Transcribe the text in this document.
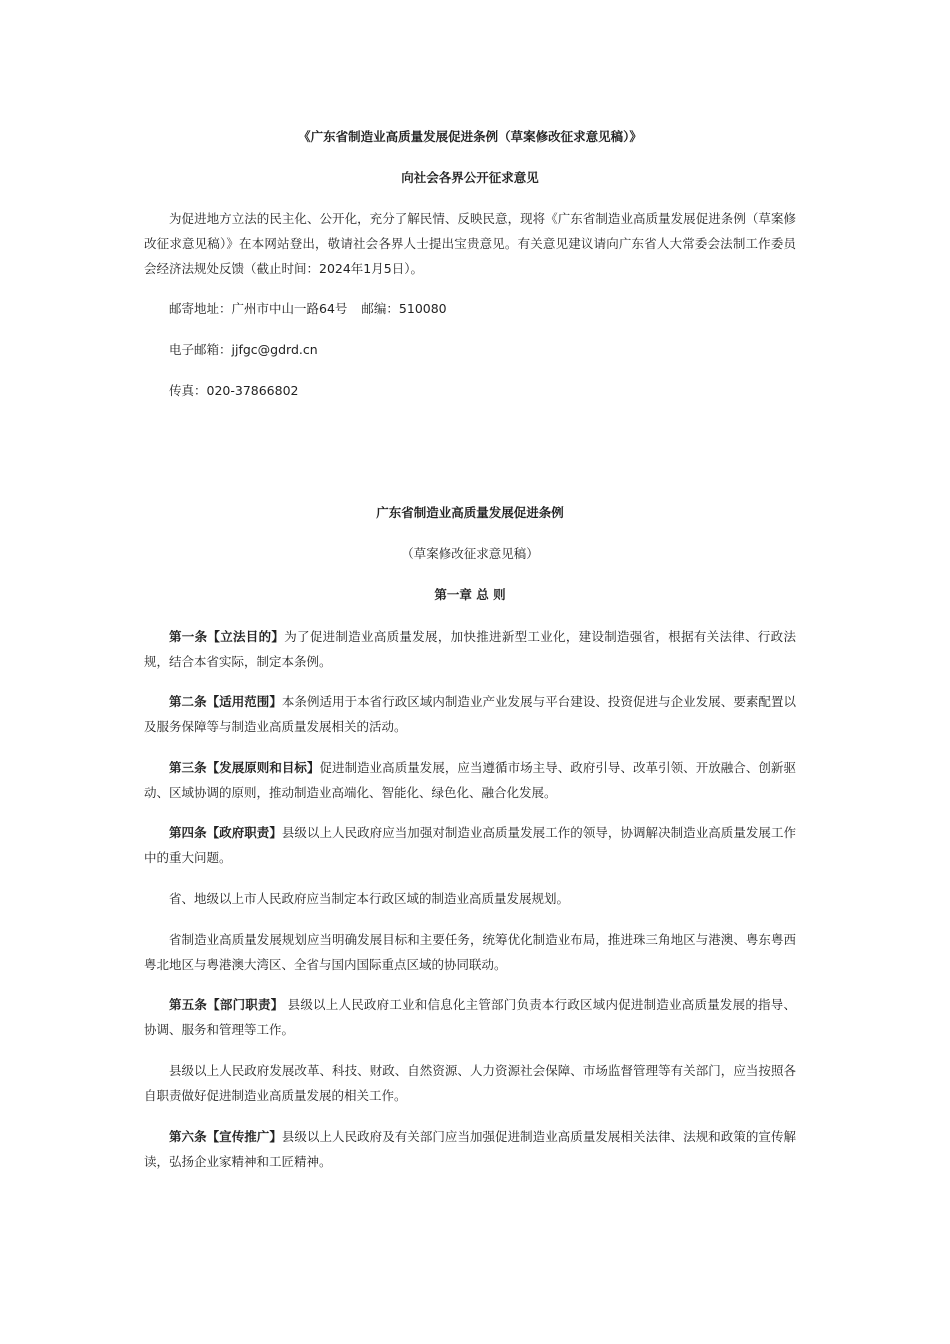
《广东省制造业高质量发展促进条例（草案修改征求意见稿）》
向社会各界公开征求意见

为促进地方立法的民主化、公开化，充分了解民情、反映民意，现将《广东省制造业高质量发展促进条例（草案修改征求意见稿）》在本网站登出，敬请社会各界人士提出宝贵意见。有关意见建议请向广东省人大常委会法制工作委员会经济法规处反馈（截止时间：2024年1月5日）。

邮寄地址：广州市中山一路64号 邮编：510080
电子邮箱：jjfgc@gdrd.cn
传真：020-37866802
广东省制造业高质量发展促进条例
（草案修改征求意见稿）
第一章 总 则

第一条【立法目的】为了促进制造业高质量发展，加快推进新型工业化，建设制造强省，根据有关法律、行政法规，结合本省实际，制定本条例。

第二条【适用范围】本条例适用于本省行政区域内制造业产业发展与平台建设、投资促进与企业发展、要素配置以及服务保障等与制造业高质量发展相关的活动。

第三条【发展原则和目标】促进制造业高质量发展，应当遵循市场主导、政府引导、改革引领、开放融合、创新驱动、区域协调的原则，推动制造业高端化、智能化、绿色化、融合化发展。

第四条【政府职责】县级以上人民政府应当加强对制造业高质量发展工作的领导，协调解决制造业高质量发展工作中的重大问题。

省、地级以上市人民政府应当制定本行政区域的制造业高质量发展规划。

省制造业高质量发展规划应当明确发展目标和主要任务，统筹优化制造业布局，推进珠三角地区与港澳、粤东粤西粤北地区与粤港澳大湾区、全省与国内国际重点区域的协同联动。

第五条【部门职责】 县级以上人民政府工业和信息化主管部门负责本行政区域内促进制造业高质量发展的指导、协调、服务和管理等工作。

县级以上人民政府发展改革、科技、财政、自然资源、人力资源社会保障、市场监督管理等有关部门，应当按照各自职责做好促进制造业高质量发展的相关工作。

第六条【宣传推广】县级以上人民政府及有关部门应当加强促进制造业高质量发展相关法律、法规和政策的宣传解读，弘扬企业家精神和工匠精神。
